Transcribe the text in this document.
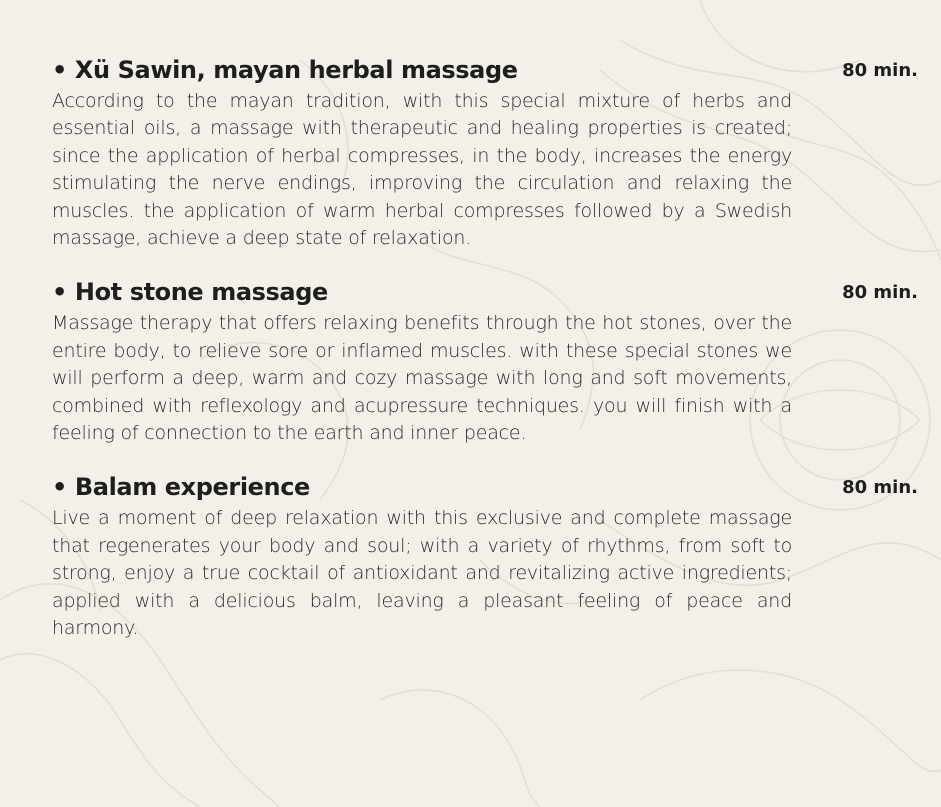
• Xü Sawin, mayan herbal massage	80 min.

According to the mayan tradition, with this special mixture of herbs and essential oils, a massage with therapeutic and healing properties is created; since the application of herbal compresses, in the body, increases the energy stimulating the nerve endings, improving the circulation and relaxing the muscles. the application of warm herbal compresses followed by a Swedish massage, achieve a deep state of relaxation.

• Hot stone massage	80 min.

Massage therapy that offers relaxing benefits through the hot stones, over the entire body, to relieve sore or inflamed muscles. with these special stones we will perform a deep, warm and cozy massage with long and soft movements, combined with reflexology and acupressure techniques. you will finish with a feeling of connection to the earth and inner peace.

• Balam experience	80 min.

Live a moment of deep relaxation with this exclusive and complete massage that regenerates your body and soul; with a variety of rhythms, from soft to strong, enjoy a true cocktail of antioxidant and revitalizing active ingredients; applied with a delicious balm, leaving a pleasant feeling of peace and harmony.
